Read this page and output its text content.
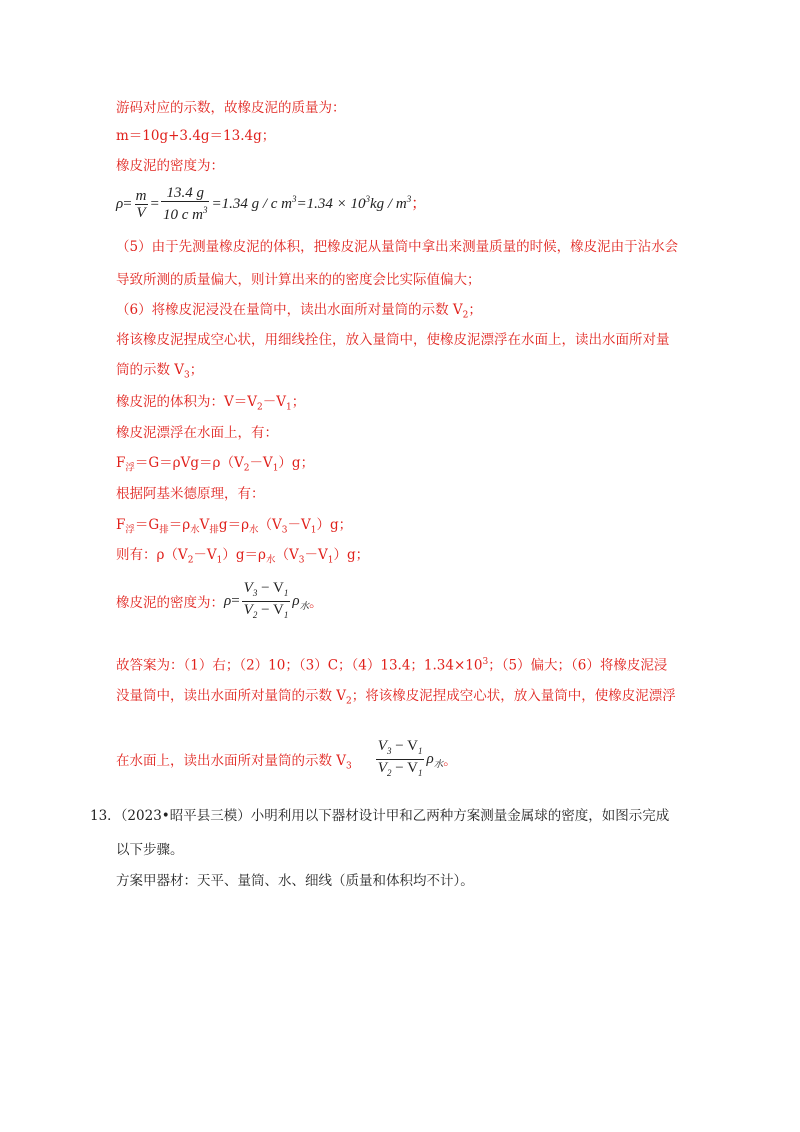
游码对应的示数，故橡皮泥的质量为：
m＝10g+3.4g＝13.4g；
橡皮泥的密度为：
$\rho= \frac{m}{V} = \frac{13.4 g}{10 c m^3} =1.34$ g / c $m^3=1.34 \times 10^3kg / m^3$；
（5）由于先测量橡皮泥的体积，把橡皮泥从量筒中拿出来测量质量的时候，橡皮泥由于沾水会
导致所测的质量偏大，则计算出来的的密度会比实际值偏大；
（6）将橡皮泥浸没在量筒中，读出水面所对量筒的示数 $V_2$；
将该橡皮泥捏成空心状，用细线拴住，放入量筒中，使橡皮泥漂浮在水面上，读出水面所对量
筒的示数 $V_3$；
橡皮泥的体积为：$V=V_2-V_1$；
橡皮泥漂浮在水面上，有：
$F_浮=G=\rho Vg=\rho(V_2-V_1)g$；
根据阿基米德原理，有：
$F_浮=G_排=\rho_水V_排g=\rho_水(V_3-V_1)g$；
则有：$\rho(V_2-V_1)g=\rho_水(V_3-V_1)g$；
橡皮泥的密度为：$\rho= \frac{V_3 - V_1}{V_2 - V_1} \rho_水$。
故答案为：（1）右；（2）10；（3）C；（4）13.4；$1.34\times 10^3$；（5）偏大；（6）将橡皮泥浸
没量筒中，读出水面所对量筒的示数 $V_2$；将该橡皮泥捏成空心状，放入量筒中，使橡皮泥漂浮
在水面上，读出水面所对量筒的示数 $V_3 \frac{V_3 - V_1}{V_2 - V_1} \rho_水$。
13．（2023•昭平县三模）小明利用以下器材设计甲和乙两种方案测量金属球的密度，如图示完成
以下步骤。
方案甲器材：天平、量筒、水、细线（质量和体积均不计）。
